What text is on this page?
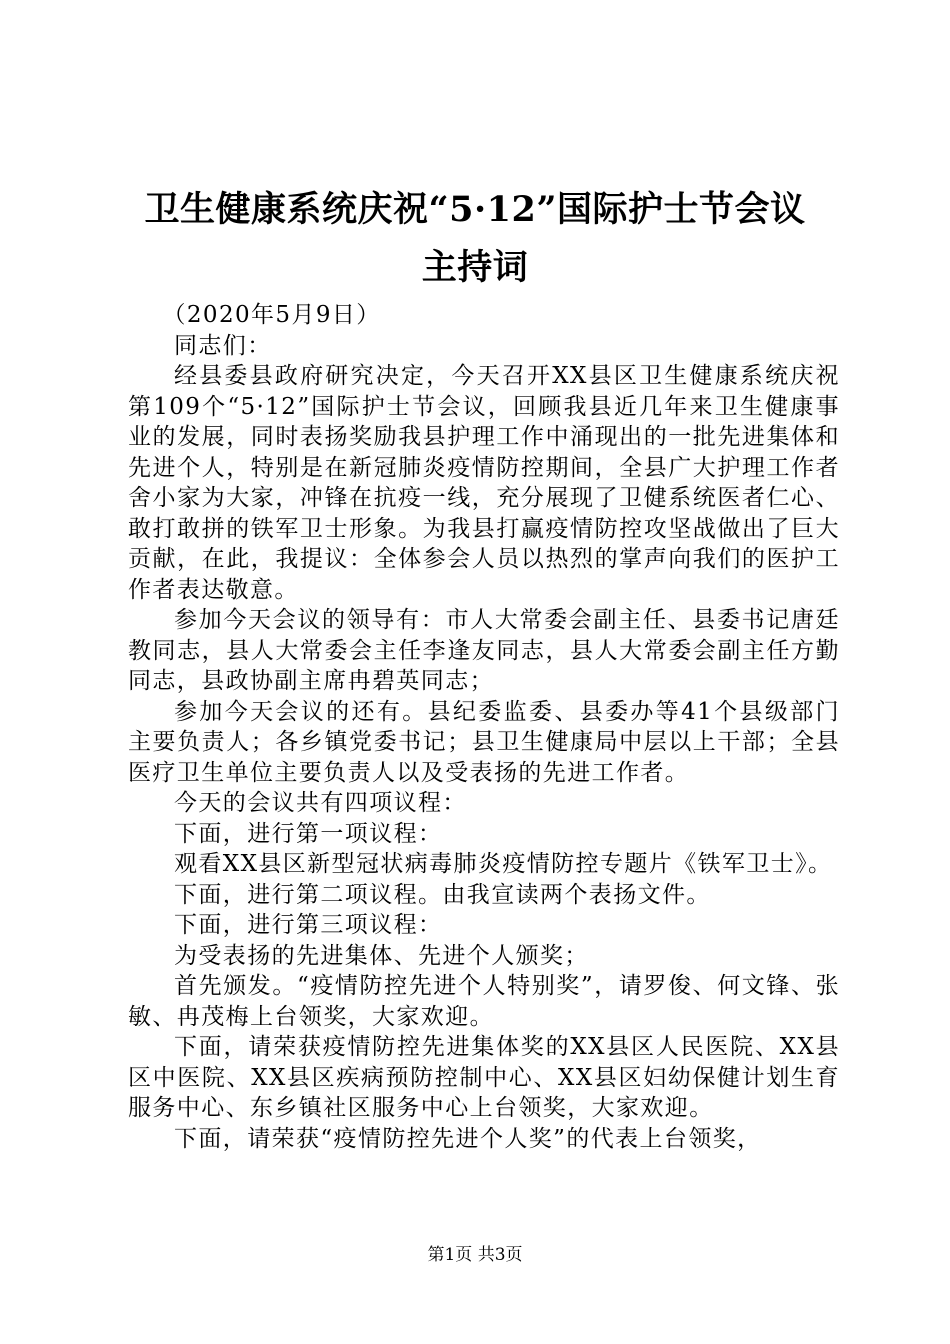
卫生健康系统庆祝“5·12”国际护士节会议
主持词

（2020年5月9日）

同志们：

经县委县政府研究决定，今天召开XX县区卫生健康系统庆祝第109个“5·12”国际护士节会议，回顾我县近几年来卫生健康事业的发展，同时表扬奖励我县护理工作中涌现出的一批先进集体和先进个人，特别是在新冠肺炎疫情防控期间，全县广大护理工作者舍小家为大家，冲锋在抗疫一线，充分展现了卫健系统医者仁心、敢打敢拼的铁军卫士形象。为我县打赢疫情防控攻坚战做出了巨大贡献，在此，我提议：全体参会人员以热烈的掌声向我们的医护工作者表达敬意。

参加今天会议的领导有：市人大常委会副主任、县委书记唐廷教同志，县人大常委会主任李逢友同志，县人大常委会副主任方勤同志，县政协副主席冉碧英同志；

参加今天会议的还有。县纪委监委、县委办等41个县级部门主要负责人；各乡镇党委书记；县卫生健康局中层以上干部；全县医疗卫生单位主要负责人以及受表扬的先进工作者。

今天的会议共有四项议程：

下面，进行第一项议程：

观看XX县区新型冠状病毒肺炎疫情防控专题片《铁军卫士》。

下面，进行第二项议程。由我宣读两个表扬文件。

下面，进行第三项议程：

为受表扬的先进集体、先进个人颁奖；

首先颁发。“疫情防控先进个人特别奖”，请罗俊、何文锋、张敏、冉茂梅上台领奖，大家欢迎。

下面，请荣获疫情防控先进集体奖的XX县区人民医院、XX县区中医院、XX县区疾病预防控制中心、XX县区妇幼保健计划生育服务中心、东乡镇社区服务中心上台领奖，大家欢迎。

下面，请荣获“疫情防控先进个人奖”的代表上台领奖，

第1页 共3页
